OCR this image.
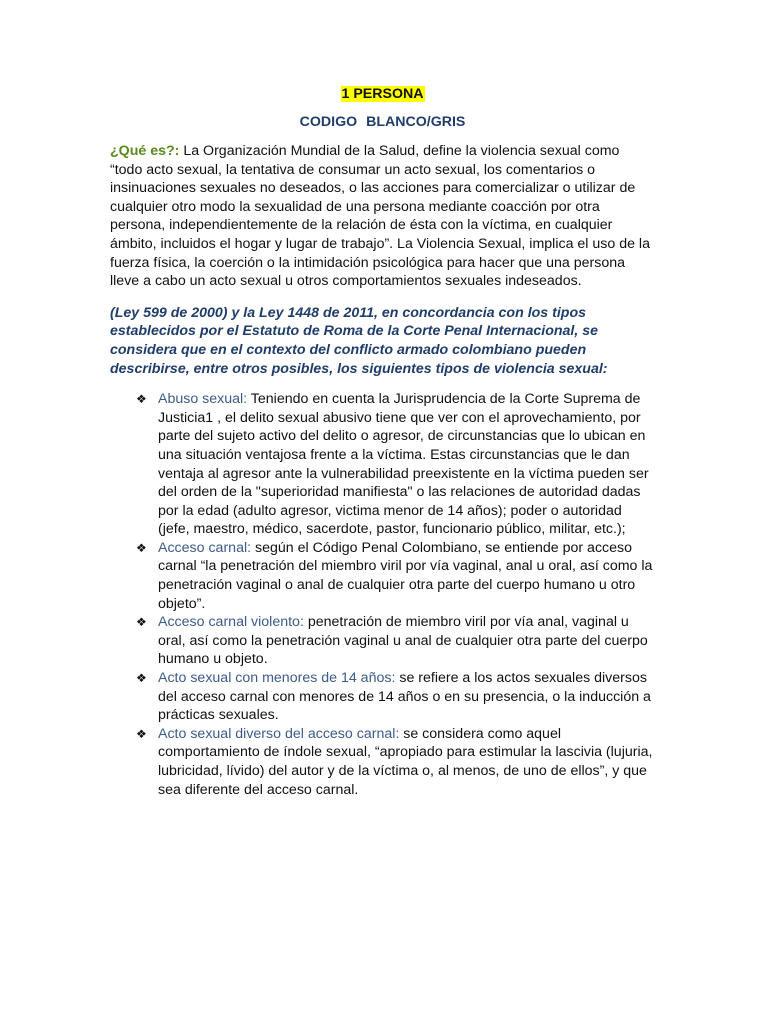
1 PERSONA

CODIGO BLANCO/GRIS

¿Qué es?: La Organización Mundial de la Salud, define la violencia sexual como “todo acto sexual, la tentativa de consumar un acto sexual, los comentarios o insinuaciones sexuales no deseados, o las acciones para comercializar o utilizar de cualquier otro modo la sexualidad de una persona mediante coacción por otra persona, independientemente de la relación de ésta con la víctima, en cualquier ámbito, incluidos el hogar y lugar de trabajo”. La Violencia Sexual, implica el uso de la fuerza física, la coerción o la intimidación psicológica para hacer que una persona lleve a cabo un acto sexual u otros comportamientos sexuales indeseados.

(Ley 599 de 2000) y la Ley 1448 de 2011, en concordancia con los tipos establecidos por el Estatuto de Roma de la Corte Penal Internacional, se considera que en el contexto del conflicto armado colombiano pueden describirse, entre otros posibles, los siguientes tipos de violencia sexual:

❖ Abuso sexual: Teniendo en cuenta la Jurisprudencia de la Corte Suprema de Justicia1 , el delito sexual abusivo tiene que ver con el aprovechamiento, por parte del sujeto activo del delito o agresor, de circunstancias que lo ubican en una situación ventajosa frente a la víctima. Estas circunstancias que le dan ventaja al agresor ante la vulnerabilidad preexistente en la víctima pueden ser del orden de la "superioridad manifiesta" o las relaciones de autoridad dadas por la edad (adulto agresor, victima menor de 14 años); poder o autoridad (jefe, maestro, médico, sacerdote, pastor, funcionario público, militar, etc.);
❖ Acceso carnal: según el Código Penal Colombiano, se entiende por acceso carnal “la penetración del miembro viril por vía vaginal, anal u oral, así como la penetración vaginal o anal de cualquier otra parte del cuerpo humano u otro objeto”.
❖ Acceso carnal violento: penetración de miembro viril por vía anal, vaginal u oral, así como la penetración vaginal u anal de cualquier otra parte del cuerpo humano u objeto.
❖ Acto sexual con menores de 14 años: se refiere a los actos sexuales diversos del acceso carnal con menores de 14 años o en su presencia, o la inducción a prácticas sexuales.
❖ Acto sexual diverso del acceso carnal: se considera como aquel comportamiento de índole sexual, “apropiado para estimular la lascivia (lujuria, lubricidad, lívido) del autor y de la víctima o, al menos, de uno de ellos”, y que sea diferente del acceso carnal.
